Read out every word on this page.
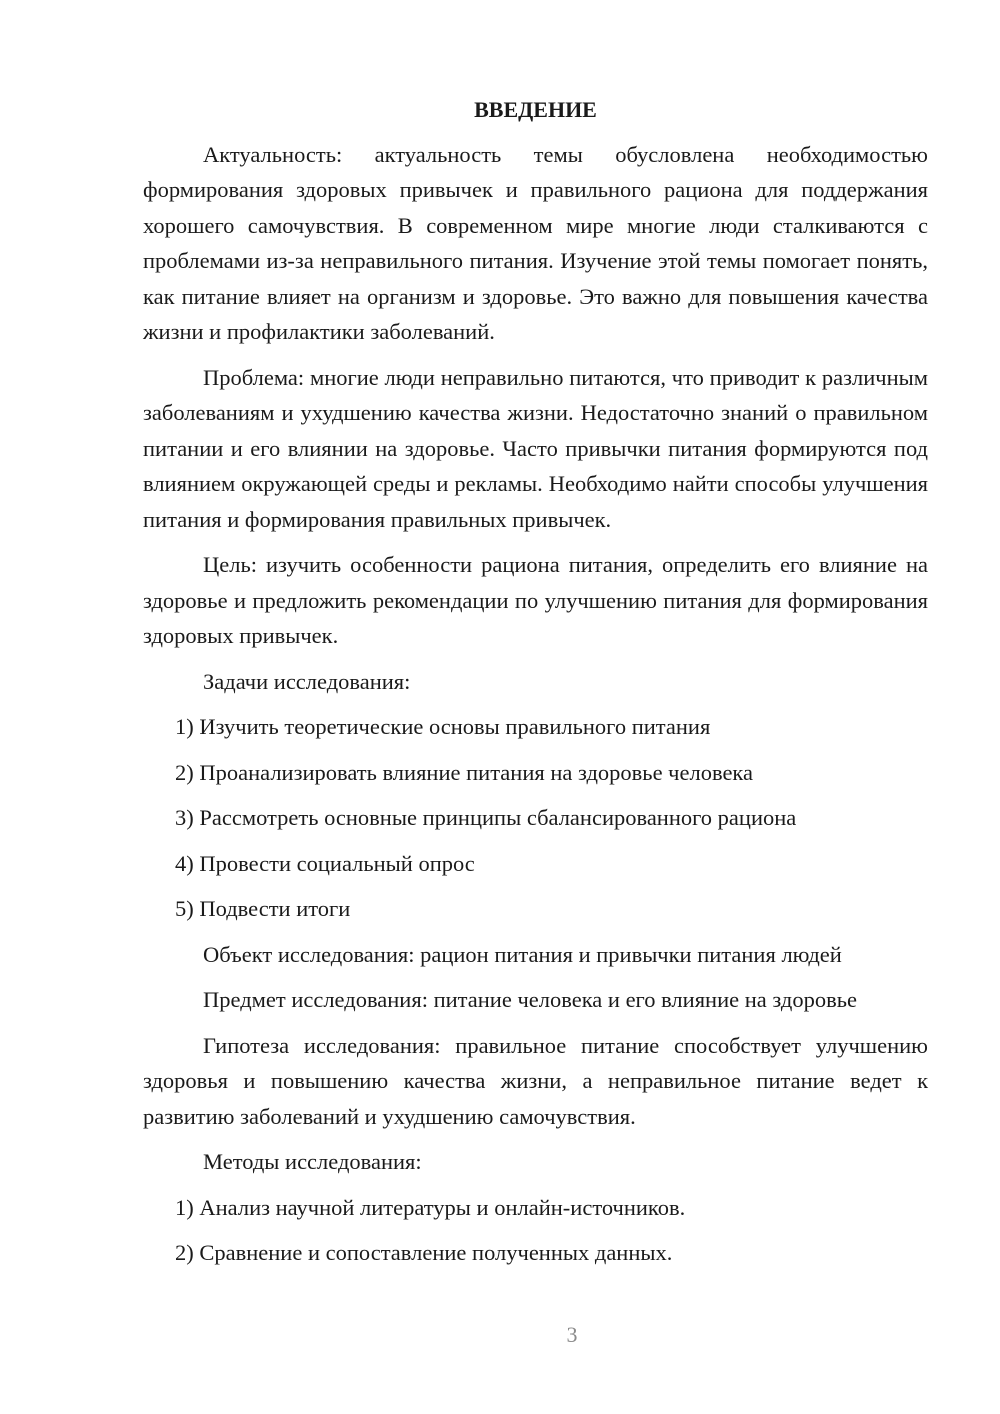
ВВЕДЕНИЕ

Актуальность: актуальность темы обусловлена необходимостью формирования здоровых привычек и правильного рациона для поддержания хорошего самочувствия. В современном мире многие люди сталкиваются с проблемами из-за неправильного питания. Изучение этой темы помогает понять, как питание влияет на организм и здоровье. Это важно для повышения качества жизни и профилактики заболеваний.

Проблема: многие люди неправильно питаются, что приводит к различным заболеваниям и ухудшению качества жизни. Недостаточно знаний о правильном питании и его влиянии на здоровье. Часто привычки питания формируются под влиянием окружающей среды и рекламы. Необходимо найти способы улучшения питания и формирования правильных привычек.

Цель: изучить особенности рациона питания, определить его влияние на здоровье и предложить рекомендации по улучшению питания для формирования здоровых привычек.

Задачи исследования:
1) Изучить теоретические основы правильного питания
2) Проанализировать влияние питания на здоровье человека
3) Рассмотреть основные принципы сбалансированного рациона
4) Провести социальный опрос
5) Подвести итоги
Объект исследования: рацион питания и привычки питания людей
Предмет исследования: питание человека и его влияние на здоровье

Гипотеза исследования: правильное питание способствует улучшению здоровья и повышению качества жизни, а неправильное питание ведет к развитию заболеваний и ухудшению самочувствия.

Методы исследования:
1) Анализ научной литературы и онлайн-источников.
2) Сравнение и сопоставление полученных данных.
3
